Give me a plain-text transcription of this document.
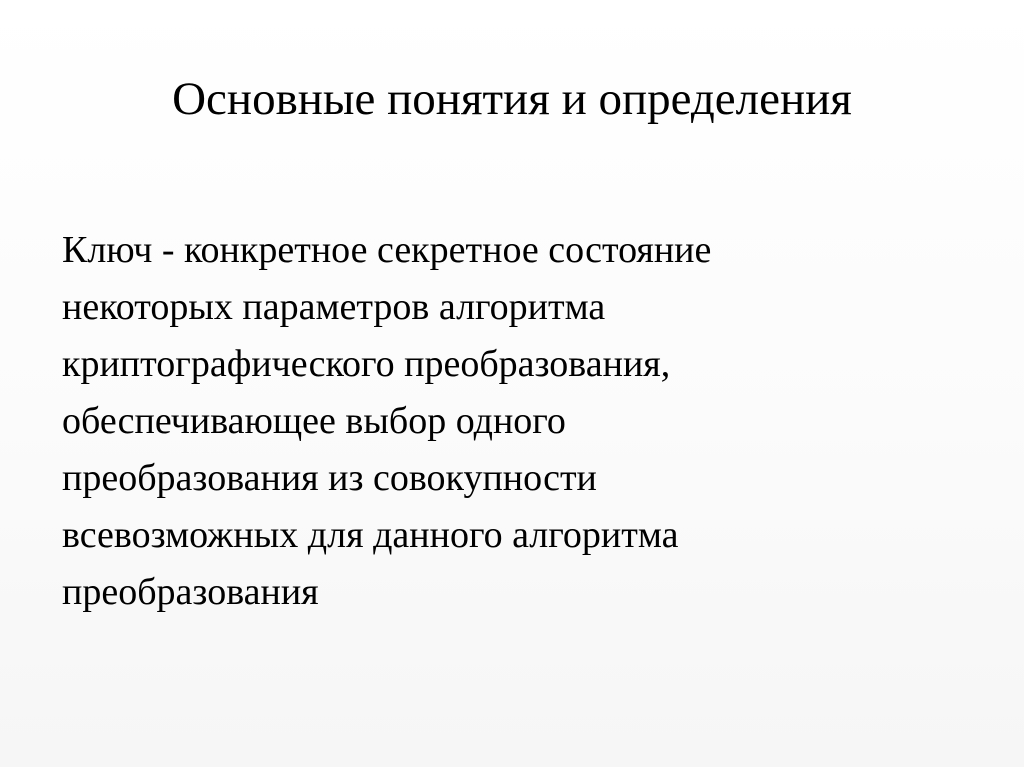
Основные понятия и определения
Ключ - конкретное секретное состояние
некоторых параметров алгоритма
криптографического преобразования,
обеспечивающее выбор одного
преобразования из совокупности
всевозможных для данного алгоритма
преобразования
